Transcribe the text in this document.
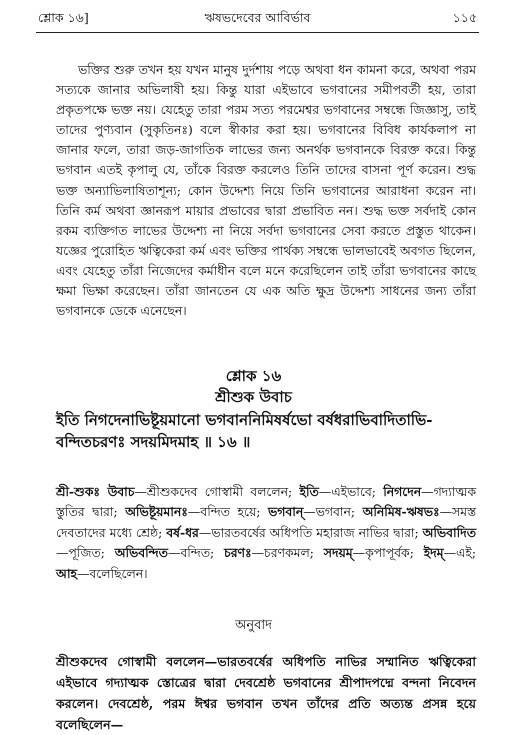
শ্লোক ১৬]	ঋষভদেবের আবির্ভাব	১১৫

ভক্তির শুরু তখন হয় যখন মানুষ দুর্দশায় পড়ে অথবা ধন কামনা করে, অথবা পরম সত্যকে জানার অভিলাষী হয়। কিন্তু যারা এইভাবে ভগবানের সমীপবর্তী হয়, তারা প্রকৃতপক্ষে ভক্ত নয়। যেহেতু তারা পরম সত্য পরমেশ্বর ভগবানের সম্বন্ধে জিজ্ঞাসু, তাই তাদের পুণ্যবান (সুকৃতিনঃ) বলে স্বীকার করা হয়। ভগবানের বিবিধ কার্যকলাপ না জানার ফলে, তারা জড়-জাগতিক লাভের জন্য অনর্থক ভগবানকে বিরক্ত করে। কিন্তু ভগবান এতই কৃপালু যে, তাঁকে বিরক্ত করলেও তিনি তাদের বাসনা পূর্ণ করেন। শুদ্ধ ভক্ত অন্যাভিলাষিতাশূন্য; কোন উদ্দেশ্য নিয়ে তিনি ভগবানের আরাধনা করেন না। তিনি কর্ম অথবা জ্ঞানরূপ মায়ার প্রভাবের দ্বারা প্রভাবিত নন। শুদ্ধ ভক্ত সর্বদাই কোন রকম ব্যক্তিগত লাভের উদ্দেশ্য না নিয়ে সর্বদা ভগবানের সেবা করতে প্রস্তুত থাকেন। যজ্ঞের পুরোহিত ঋত্বিকেরা কর্ম এবং ভক্তির পার্থক্য সম্বন্ধে ভালভাবেই অবগত ছিলেন, এবং যেহেতু তাঁরা নিজেদের কর্মাধীন বলে মনে করেছিলেন তাই তাঁরা ভগবানের কাছে ক্ষমা ভিক্ষা করেছেন। তাঁরা জানতেন যে এক অতি ক্ষুদ্র উদ্দেশ্য সাধনের জন্য তাঁরা ভগবানকে ডেকে এনেছেন।

শ্লোক ১৬
শ্রীশুক উবাচ
ইতি নিগদেনাভিষ্টূয়মানো ভগবাননিমিষর্ষভো বর্ষধরাভিবাদিতাভি-
বন্দিতচরণঃ সদয়মিদমাহ ॥ ১৬ ॥
শ্রী-শুকঃ উবাচ—শ্রীশুকদেব গোস্বামী বললেন; ইতি—এইভাবে; নিগদেন—গদ্যাত্মক স্তুতির দ্বারা; অভিষ্টূয়মানঃ—বন্দিত হয়ে; ভগবান্—ভগবান; অনিমিষ-ঋষভঃ—সমস্ত দেবতাদের মধ্যে শ্রেষ্ঠ; বর্ষ-ধর—ভারতবর্ষের অধিপতি মহারাজ নাভির দ্বারা; অভিবাদিত—পূজিত; অভিবন্দিত—বন্দিত; চরণঃ—চরণকমল; সদয়ম্—কৃপাপূর্বক; ইদম্—এই; আহ—বলেছিলেন।
অনুবাদ
শ্রীশুকদেব গোস্বামী বললেন—ভারতবর্ষের অধিপতি নাভির সম্মানিত ঋত্বিকেরা এইভাবে গদ্যাত্মক স্তোত্রের দ্বারা দেবশ্রেষ্ঠ ভগবানের শ্রীপাদপদ্মে বন্দনা নিবেদন করলেন। দেবশ্রেষ্ঠ, পরম ঈশ্বর ভগবান তখন তাঁদের প্রতি অত্যন্ত প্রসন্ন হয়ে বলেছিলেন—
